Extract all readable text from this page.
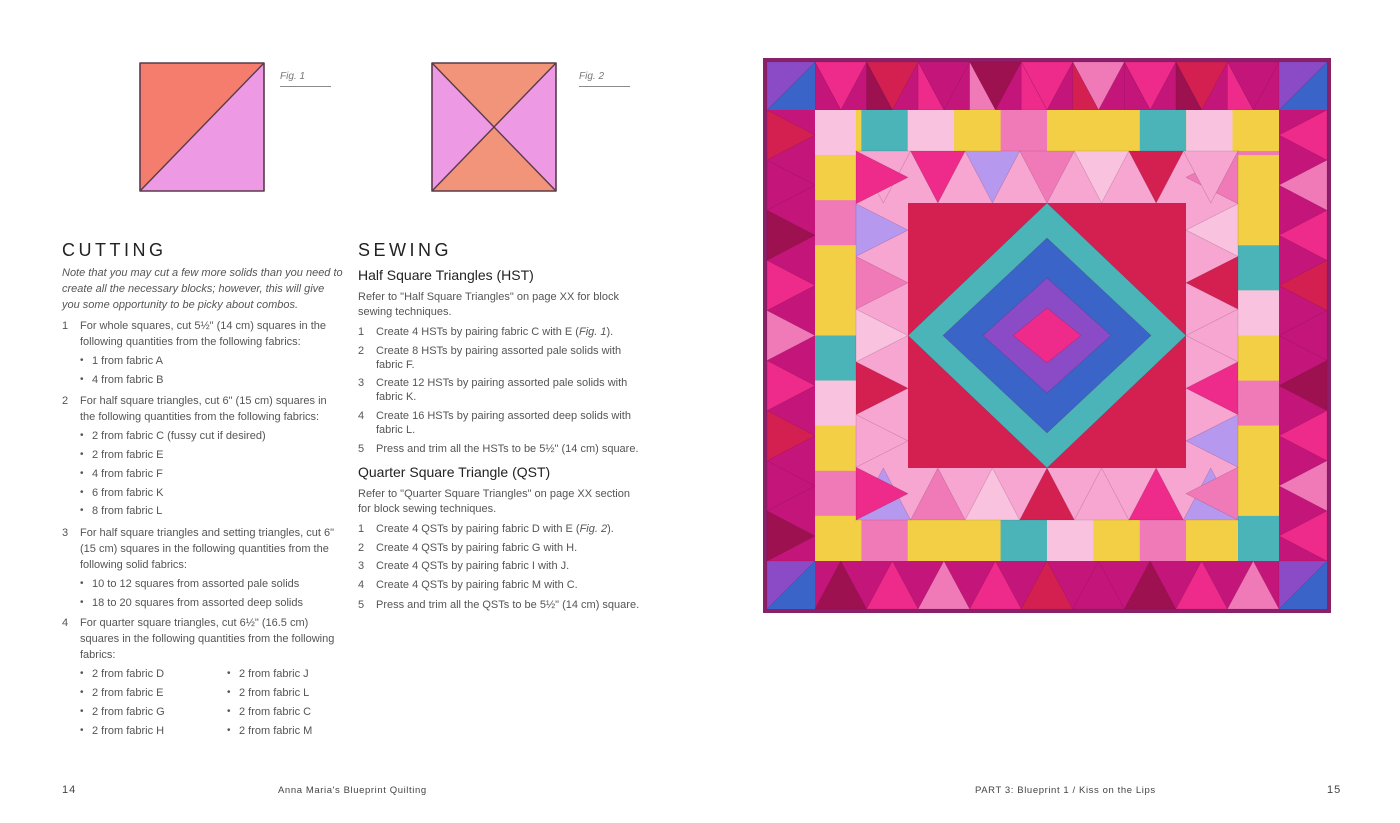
Fig. 1	Fig. 2
CUTTING
Note that you may cut a few more solids than you need to create all the necessary blocks; however, this will give you some opportunity to be picky about combos.
1 For whole squares, cut 5½" (14 cm) squares in the
following quantities from the following fabrics:
• 1 from fabric A
• 4 from fabric B
2 For half square triangles, cut 6" (15 cm) squares in
the following quantities from the following fabrics:
• 2 from fabric C (fussy cut if desired)
• 2 from fabric E
• 4 from fabric F
• 6 from fabric K
• 8 from fabric L
3 For half square triangles and setting triangles, cut 6"
(15 cm) squares in the following quantities from the
following solid fabrics:
• 10 to 12 squares from assorted pale solids
• 18 to 20 squares from assorted deep solids
4 For quarter square triangles, cut 6½" (16.5 cm)
squares in the following quantities from the following
fabrics:
• 2 from fabric D
• 2 from fabric E
• 2 from fabric G
• 2 from fabric H
• 2 from fabric J
• 2 from fabric L
• 2 from fabric C
• 2 from fabric M
SEWING
Half Square Triangles (HST)
Refer to "Half Square Triangles" on page XX for block
sewing techniques.
1 Create 4 HSTs by pairing fabric C with E (Fig. 1).
2 Create 8 HSTs by pairing assorted pale solids with
fabric F.
3 Create 12 HSTs by pairing assorted pale solids with
fabric K.
4 Create 16 HSTs by pairing assorted deep solids with
fabric L.
5 Press and trim all the HSTs to be 5½" (14 cm) square.
Quarter Square Triangle (QST)
Refer to "Quarter Square Triangles" on page XX section
for block sewing techniques.
1 Create 4 QSTs by pairing fabric D with E (Fig. 2).
2 Create 4 QSTs by pairing fabric G with H.
3 Create 4 QSTs by pairing fabric I with J.
4 Create 4 QSTs by pairing fabric M with C.
5 Press and trim all the QSTs to be 5½" (14 cm) square.
14	Anna Maria's Blueprint Quilting	PART 3: Blueprint 1 / Kiss on the Lips	15
